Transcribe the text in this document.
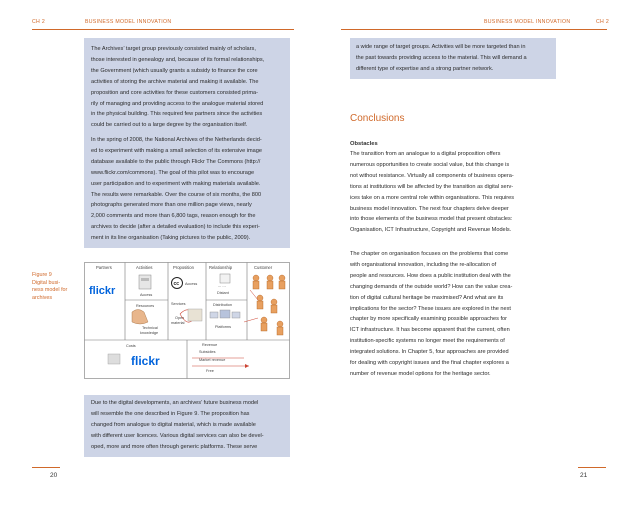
CH 2	BUSINESS MODEL INNOVATION	BUSINESS MODEL INNOVATION	CH 2
The Archives’ target group previously consisted mainly of scholars,
those interested in genealogy and, because of its formal relationships,
the Government (which usually grants a subsidy to finance the core
activities of storing the archive material and making it available. The
proposition and core activities for these customers consisted prima-
rily of managing and providing access to the analogue material stored
in the physical building. This required few partners since the activities
could be carried out to a large degree by the organisation itself.
In the spring of 2008, the National Archives of the Netherlands decid-
ed to experiment with making a small selection of its extensive image
database available to the public through Flickr The Commons (http://
www.flickr.com/commons). The goal of this pilot was to encourage
user participation and to experiment with making materials available.
The results were remarkable. Over the course of six months, the 800
photographs generated more than one million page views, nearly
2,000 comments and more than 6,800 tags, reason enough for the
archives to decide (after a detailed evaluation) to include this experi-
ment in its line organisation (Taking pictures to the public, 2009).
Figure 9
Digital busi-
ness model for
archives
Partners	Activities	Proposition	Relationship	Customer
flickr	Access
Resources
Technical
knowledge
cc Access
Services
Open
material
··· ···
Distant
Distribution
Platforms
Costs
flickr
Revenue
Subsidies
Market revenue
Free
Due to the digital developments, an archives’ future business model
will resemble the one described in Figure 9. The proposition has
changed from analogue to digital material, which is made available
with different user licences. Various digital services can also be devel-
oped, more and more often through generic platforms. These serve
20
a wide range of target groups. Activities will be more targeted than in
the past towards providing access to the material. This will demand a
different type of expertise and a strong partner network.
Conclusions
Obstacles
The transition from an analogue to a digital proposition offers
numerous opportunities to create social value, but this change is
not without resistance. Virtually all components of business opera-
tions at institutions will be affected by the transition as digital serv-
ices take on a more central role within organisations. This requires
business model innovation. The next four chapters delve deeper
into those elements of the business model that present obstacles:
Organisation, ICT Infrastructure, Copyright and Revenue Models.
The chapter on organisation focuses on the problems that come
with organisational innovation, including the re-allocation of
people and resources. How does a public institution deal with the
changing demands of the outside world? How can the value crea-
tion of digital cultural heritage be maximised? And what are its
implications for the sector? These issues are explored in the next
chapter by more specifically examining possible approaches for
ICT infrastructure. It has become apparent that the current, often
institution-specific systems no longer meet the requirements of
integrated solutions. In Chapter 5, four approaches are provided
for dealing with copyright issues and the final chapter explores a
number of revenue model options for the heritage sector.
21
